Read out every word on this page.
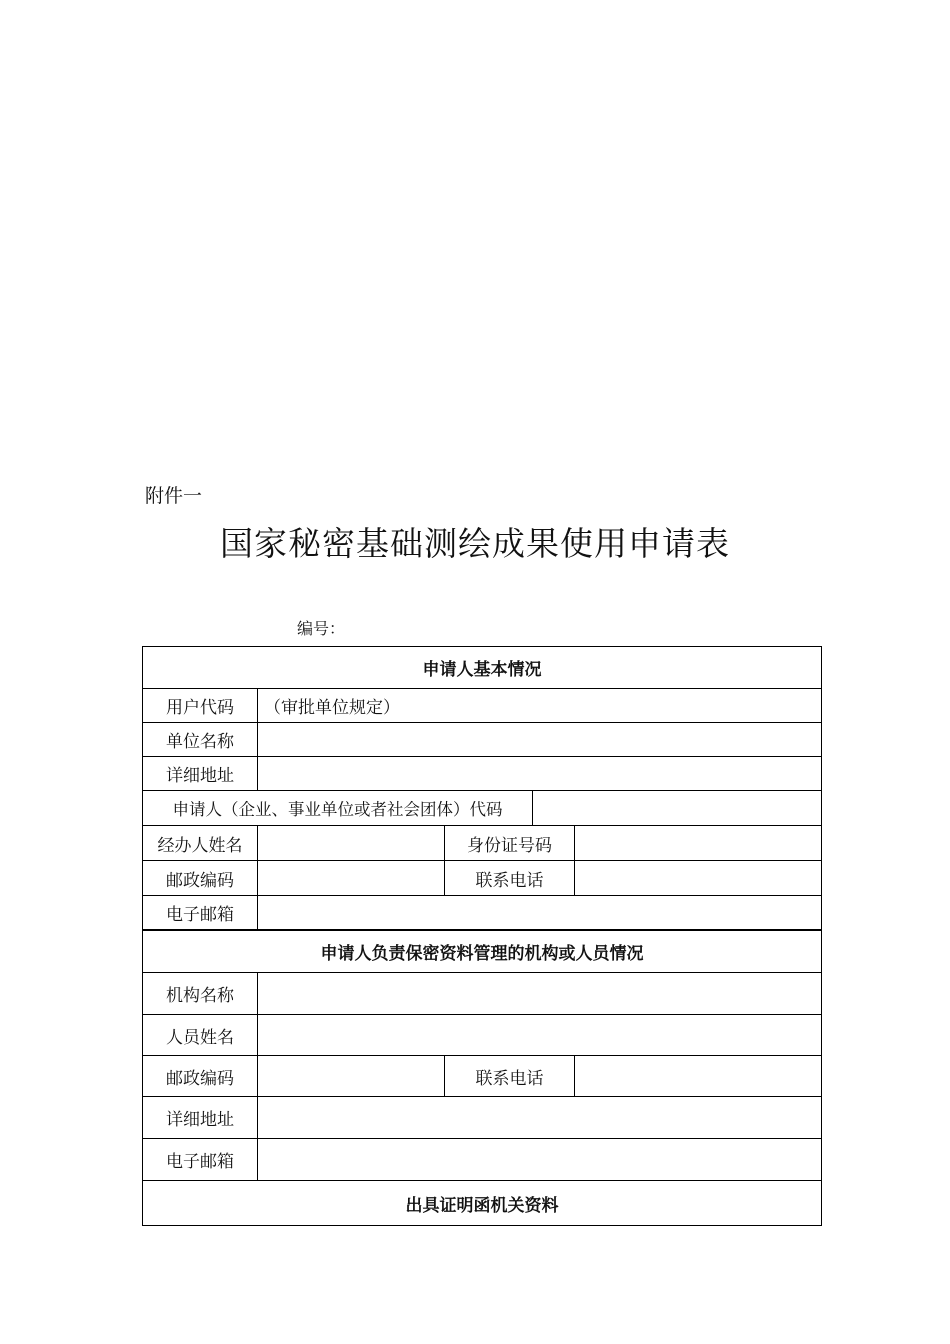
附件一
国家秘密基础测绘成果使用申请表
编号：
申请人基本情况
用户代码	（审批单位规定）
单位名称
详细地址
申请人（企业、事业单位或者社会团体）代码
经办人姓名	身份证号码
邮政编码	联系电话
电子邮箱
申请人负责保密资料管理的机构或人员情况
机构名称
人员姓名
邮政编码	联系电话
详细地址
电子邮箱
出具证明函机关资料
